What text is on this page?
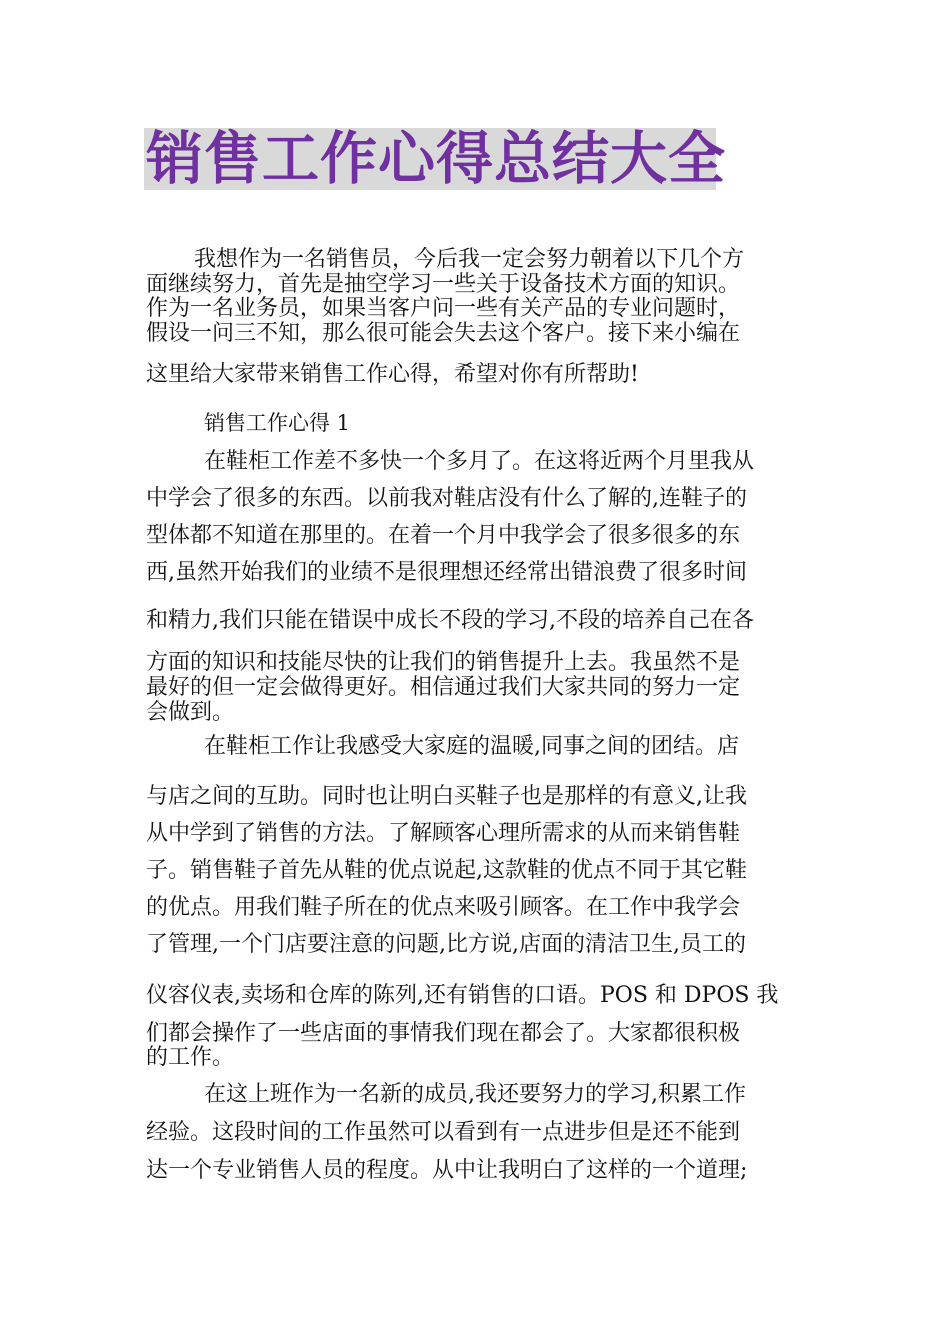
销售工作心得总结大全
我想作为一名销售员，今后我一定会努力朝着以下几个方
面继续努力，首先是抽空学习一些关于设备技术方面的知识。
作为一名业务员，如果当客户问一些有关产品的专业问题时，
假设一问三不知，那么很可能会失去这个客户。接下来小编在
这里给大家带来销售工作心得，希望对你有所帮助!
销售工作心得 1
在鞋柜工作差不多快一个多月了。在这将近两个月里我从
中学会了很多的东西。以前我对鞋店没有什么了解的,连鞋子的
型体都不知道在那里的。在着一个月中我学会了很多很多的东
西,虽然开始我们的业绩不是很理想还经常出错浪费了很多时间
和精力,我们只能在错误中成长不段的学习,不段的培养自己在各
方面的知识和技能尽快的让我们的销售提升上去。我虽然不是
最好的但一定会做得更好。相信通过我们大家共同的努力一定
会做到。
在鞋柜工作让我感受大家庭的温暖,同事之间的团结。店
与店之间的互助。同时也让明白买鞋子也是那样的有意义,让我
从中学到了销售的方法。了解顾客心理所需求的从而来销售鞋
子。销售鞋子首先从鞋的优点说起,这款鞋的优点不同于其它鞋
的优点。用我们鞋子所在的优点来吸引顾客。在工作中我学会
了管理,一个门店要注意的问题,比方说,店面的清洁卫生,员工的
仪容仪表,卖场和仓库的陈列,还有销售的口语。POS 和 DPOS 我
们都会操作了一些店面的事情我们现在都会了。大家都很积极
的工作。
在这上班作为一名新的成员,我还要努力的学习,积累工作
经验。这段时间的工作虽然可以看到有一点进步但是还不能到
达一个专业销售人员的程度。从中让我明白了这样的一个道理;
